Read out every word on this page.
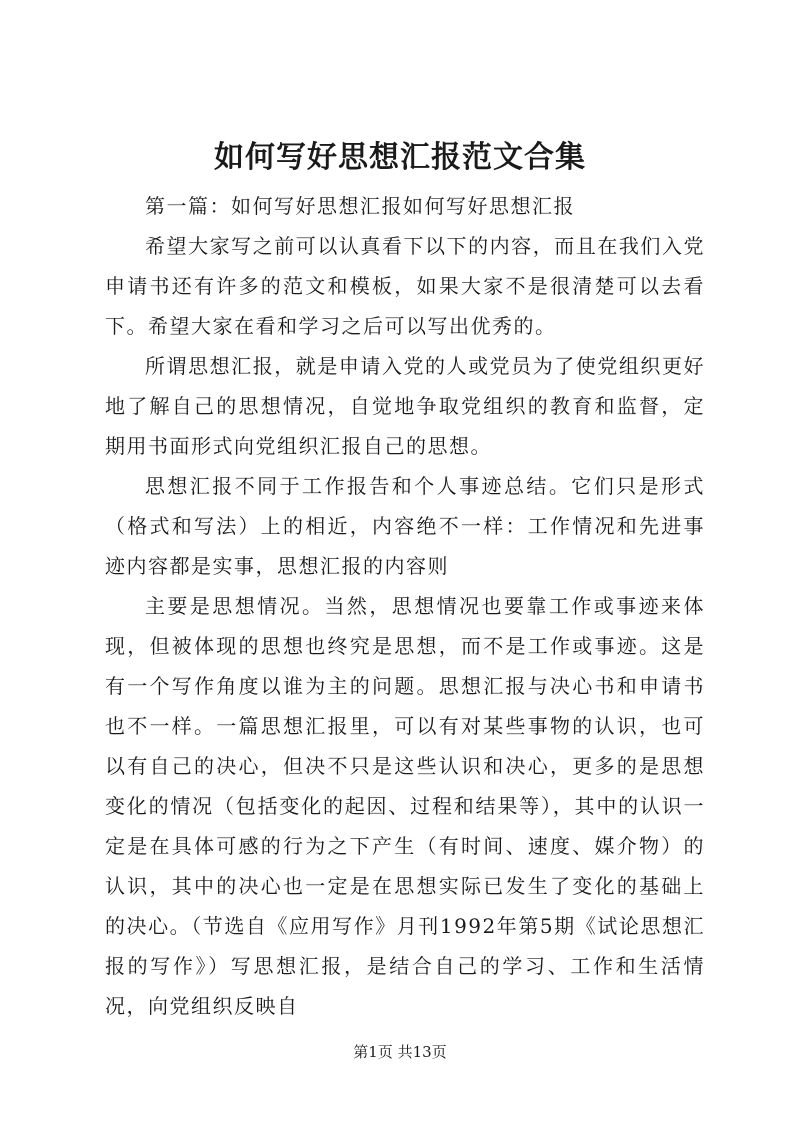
如何写好思想汇报范文合集

第一篇：如何写好思想汇报如何写好思想汇报

希望大家写之前可以认真看下以下的内容，而且在我们入党申请书还有许多的范文和模板，如果大家不是很清楚可以去看下。希望大家在看和学习之后可以写出优秀的。

所谓思想汇报，就是申请入党的人或党员为了使党组织更好地了解自己的思想情况，自觉地争取党组织的教育和监督，定期用书面形式向党组织汇报自己的思想。

思想汇报不同于工作报告和个人事迹总结。它们只是形式（格式和写法）上的相近，内容绝不一样：工作情况和先进事迹内容都是实事，思想汇报的内容则

主要是思想情况。当然，思想情况也要靠工作或事迹来体现，但被体现的思想也终究是思想，而不是工作或事迹。这是有一个写作角度以谁为主的问题。思想汇报与决心书和申请书也不一样。一篇思想汇报里，可以有对某些事物的认识，也可以有自己的决心，但决不只是这些认识和决心，更多的是思想变化的情况（包括变化的起因、过程和结果等），其中的认识一定是在具体可感的行为之下产生（有时间、速度、媒介物）的认识，其中的决心也一定是在思想实际已发生了变化的基础上的决心。（节选自《应用写作》月刊1992年第5期《试论思想汇报的写作》）写思想汇报，是结合自己的学习、工作和生活情况，向党组织反映自

第1页 共13页
